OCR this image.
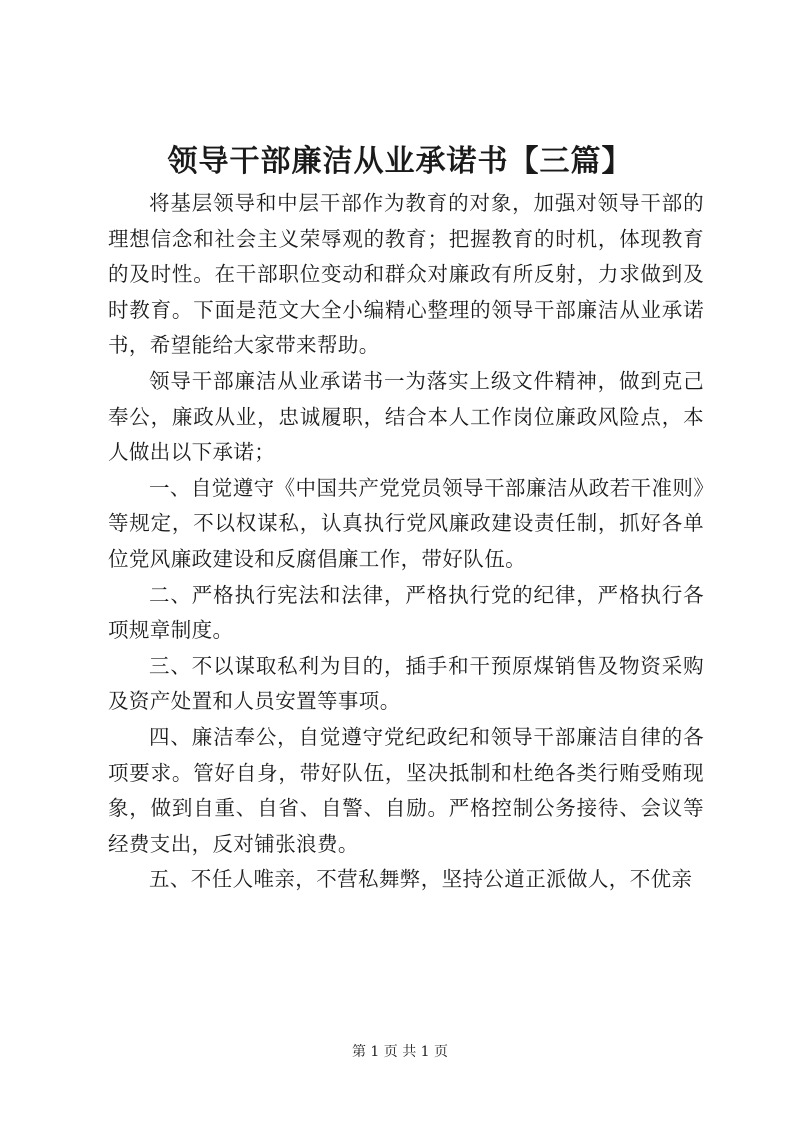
领导干部廉洁从业承诺书【三篇】

将基层领导和中层干部作为教育的对象，加强对领导干部的理想信念和社会主义荣辱观的教育；把握教育的时机，体现教育的及时性。在干部职位变动和群众对廉政有所反射，力求做到及时教育。下面是范文大全小编精心整理的领导干部廉洁从业承诺书，希望能给大家带来帮助。

领导干部廉洁从业承诺书一为落实上级文件精神，做到克己奉公，廉政从业，忠诚履职，结合本人工作岗位廉政风险点，本人做出以下承诺；

一、自觉遵守《中国共产党党员领导干部廉洁从政若干准则》等规定，不以权谋私，认真执行党风廉政建设责任制，抓好各单位党风廉政建设和反腐倡廉工作，带好队伍。

二、严格执行宪法和法律，严格执行党的纪律，严格执行各项规章制度。

三、不以谋取私利为目的，插手和干预原煤销售及物资采购及资产处置和人员安置等事项。

四、廉洁奉公，自觉遵守党纪政纪和领导干部廉洁自律的各项要求。管好自身，带好队伍，坚决抵制和杜绝各类行贿受贿现象，做到自重、自省、自警、自励。严格控制公务接待、会议等经费支出，反对铺张浪费。

五、不任人唯亲，不营私舞弊，坚持公道正派做人，不优亲

第 1 页 共 1 页
